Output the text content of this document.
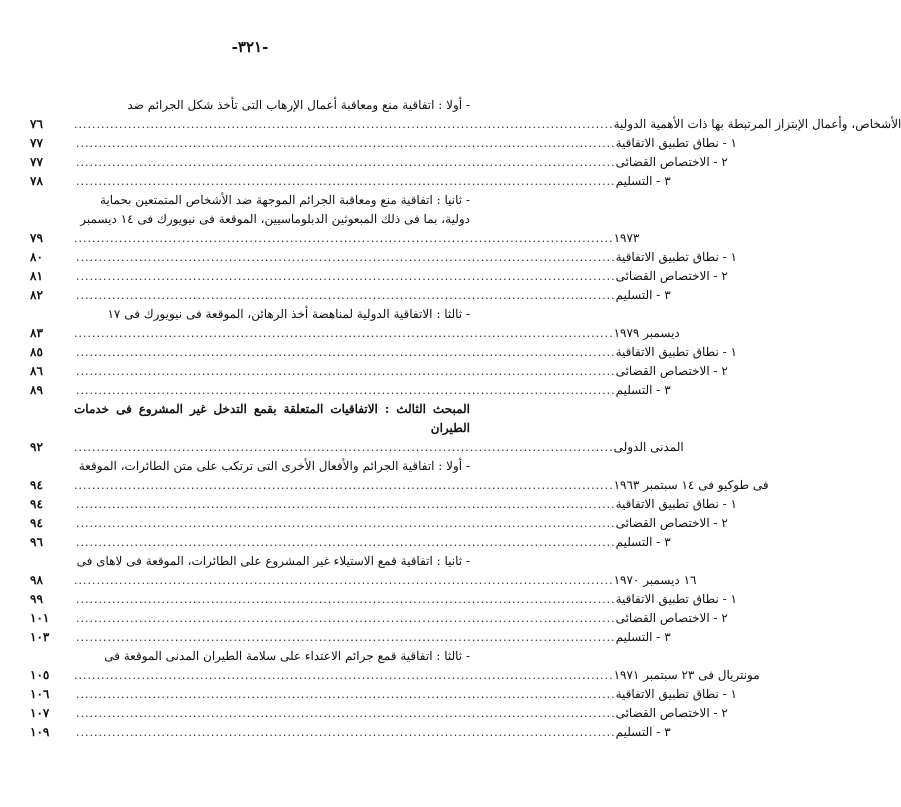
-٣٢١-
- أولا : اتفاقية منع ومعاقبة أعمال الإرهاب التى تأخذ شكل الجرائم ضد
٧٦	........................................................................................................................ الأشخاص، وأعمال الإبتزاز المرتبطة بها ذات الأهمية الدولية
٧٧	........................................................................................................................ ١ - نطاق تطبيق الاتفاقية
٧٧	........................................................................................................................ ٢ - الاختصاص القضائى
٧٨	........................................................................................................................ ٣ - التسليم
- ثانيا : اتفاقية منع ومعاقبة الجرائم الموجهة ضد الأشخاص المتمتعين بحماية
دولية، بما فى ذلك المبعوثين الدبلوماسيين، الموقعة فى نيويورك فى ١٤ ديسمبر
٧٩	........................................................................................................................ ١٩٧٣
٨٠	........................................................................................................................ ١ - نطاق تطبيق الاتفاقية
٨١	........................................................................................................................ ٢ - الاختصاص القضائى
٨٢	........................................................................................................................ ٣ - التسليم
- ثالثا : الاتفاقية الدولية لمناهضة أخذ الرهائن، الموقعة فى نيويورك فى ١٧
٨٣	........................................................................................................................ ديسمبر ١٩٧٩
٨٥	........................................................................................................................ ١ - نطاق تطبيق الاتفاقية
٨٦	........................................................................................................................ ٢ - الاختصاص القضائى
٨٩	........................................................................................................................ ٣ - التسليم
المبحث الثالث : الاتفاقيات المتعلقة بقمع التدخل غير المشروع فى خدمات الطيران
٩٢	........................................................................................................................ المدنى الدولى
- أولا : اتفاقية الجرائم والأفعال الأخرى التى ترتكب على متن الطائرات، الموقعة
٩٤	........................................................................................................................ فى طوكيو فى ١٤ سبتمبر ١٩٦٣
٩٤	........................................................................................................................ ١ - نطاق تطبيق الاتفاقية
٩٤	........................................................................................................................ ٢ - الاختصاص القضائى
٩٦	........................................................................................................................ ٣ - التسليم
- ثانيا : اتفاقية قمع الاستيلاء غير المشروع على الطائرات، الموقعة فى لاهاى فى
٩٨	........................................................................................................................ ١٦ ديسمبر ١٩٧٠
٩٩	........................................................................................................................ ١ - نطاق تطبيق الاتفاقية
١٠١	........................................................................................................................ ٢ - الاختصاص القضائى
١٠٣	........................................................................................................................ ٣ - التسليم
- ثالثا : اتفاقية قمع جرائم الاعتداء على سلامة الطيران المدنى الموقعة فى
١٠٥	........................................................................................................................ مونتريال فى ٢٣ سبتمبر ١٩٧١
١٠٦	........................................................................................................................ ١ - نطاق تطبيق الاتفاقية
١٠٧	........................................................................................................................ ٢ - الاختصاص القضائى
١٠٩	........................................................................................................................ ٣ - التسليم
